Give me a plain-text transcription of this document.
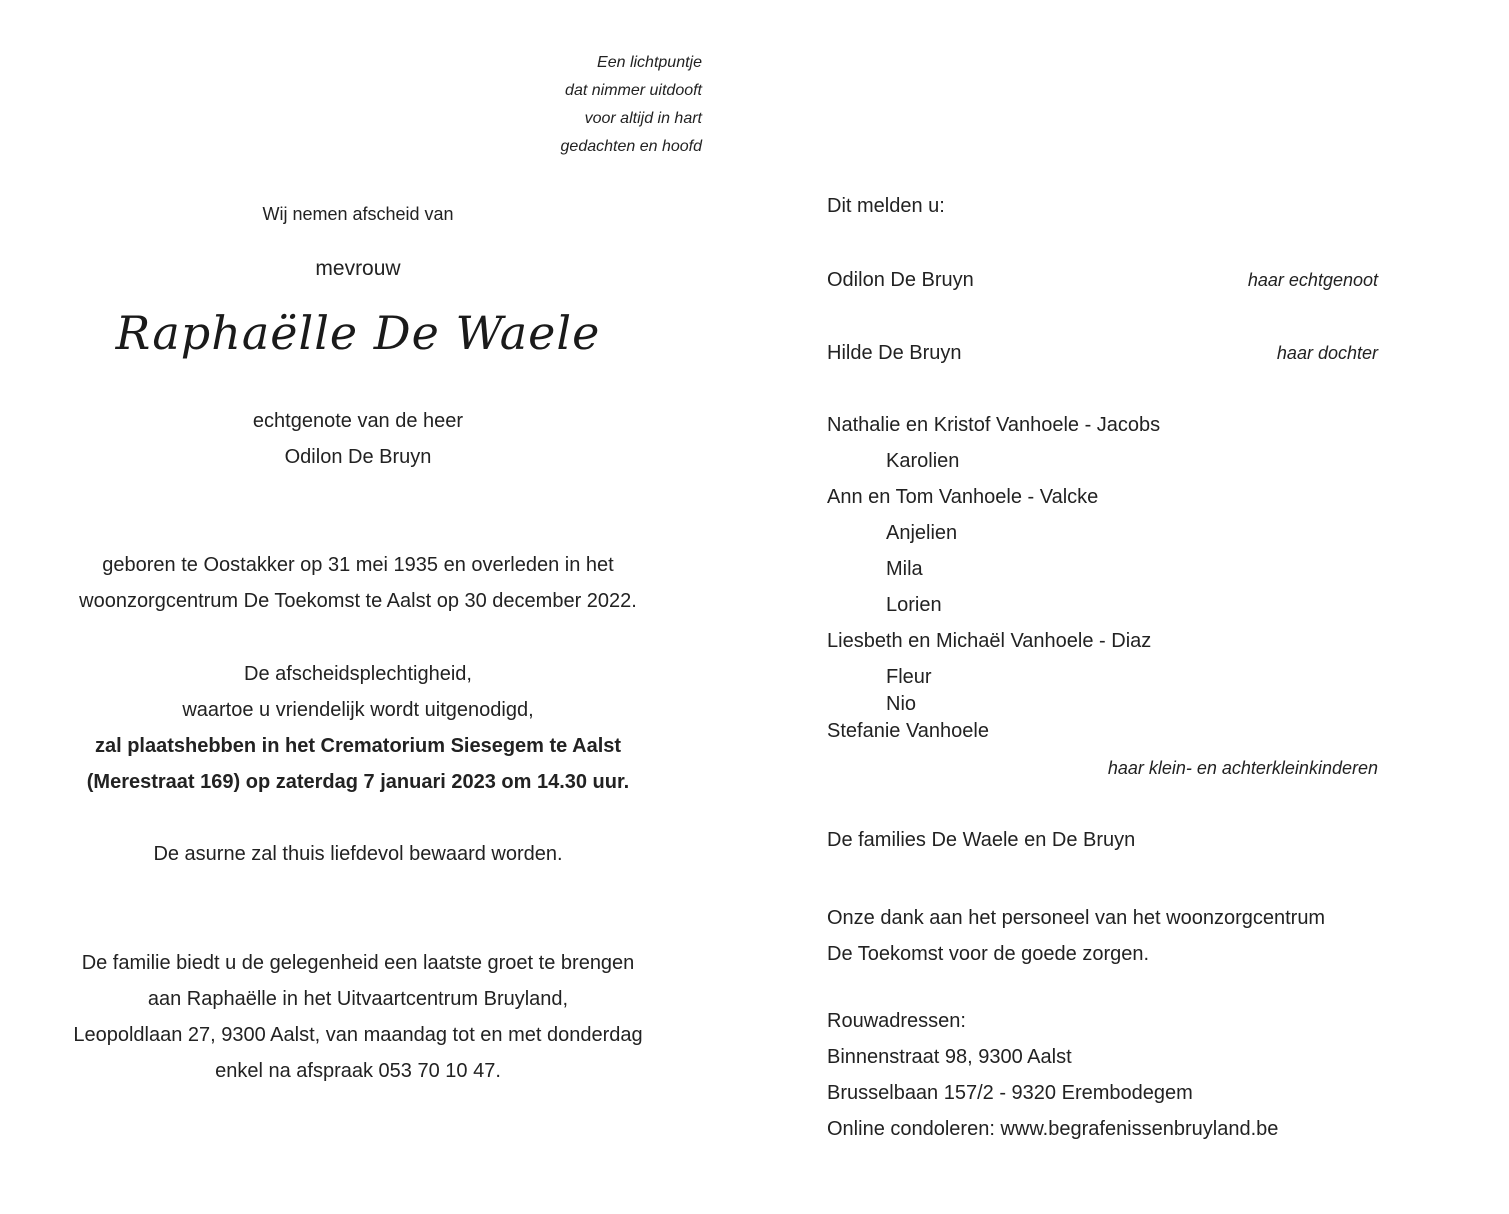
Een lichtpuntje
dat nimmer uitdooft
voor altijd in hart
gedachten en hoofd
Wij nemen afscheid van
mevrouw
Raphaëlle De Waele
echtgenote van de heer
Odilon De Bruyn
geboren te Oostakker op 31 mei 1935 en overleden in het
woonzorgcentrum De Toekomst te Aalst op 30 december 2022.
De afscheidsplechtigheid,
waartoe u vriendelijk wordt uitgenodigd,
zal plaatshebben in het Crematorium Siesegem te Aalst
(Merestraat 169) op zaterdag 7 januari 2023 om 14.30 uur.
De asurne zal thuis liefdevol bewaard worden.
De familie biedt u de gelegenheid een laatste groet te brengen
aan Raphaëlle in het Uitvaartcentrum Bruyland,
Leopoldlaan 27, 9300 Aalst, van maandag tot en met donderdag
enkel na afspraak 053 70 10 47.
Dit melden u:
Odilon De Bruyn	haar echtgenoot
Hilde De Bruyn	haar dochter
Nathalie en Kristof Vanhoele - Jacobs
Karolien
Ann en Tom Vanhoele - Valcke
Anjelien
Mila
Lorien
Liesbeth en Michaël Vanhoele - Diaz
Fleur
Nio
Stefanie Vanhoele
haar klein- en achterkleinkinderen
De families De Waele en De Bruyn
Onze dank aan het personeel van het woonzorgcentrum
De Toekomst voor de goede zorgen.
Rouwadressen:
Binnenstraat 98, 9300 Aalst
Brusselbaan 157/2 - 9320 Erembodegem
Online condoleren: www.begrafenissenbruyland.be
